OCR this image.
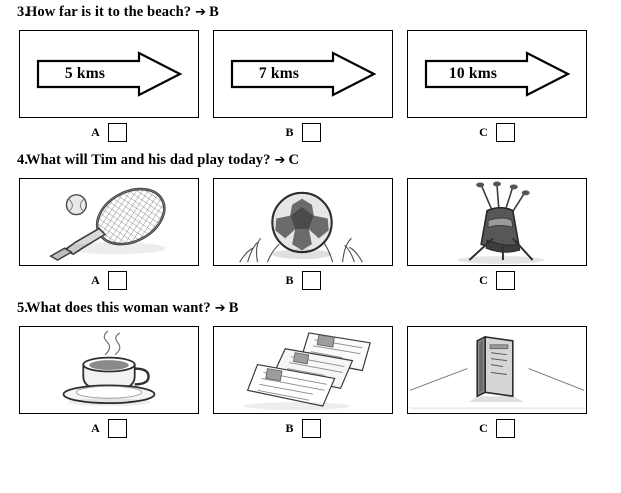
3.
How far is it to the beach? ➔ B
5 kms
A
7 kms
B
10 kms
C
4.
What will Tim and his dad play today? ➔ C
A	B	C
5.
What does this woman want? ➔ B
A	B	C
